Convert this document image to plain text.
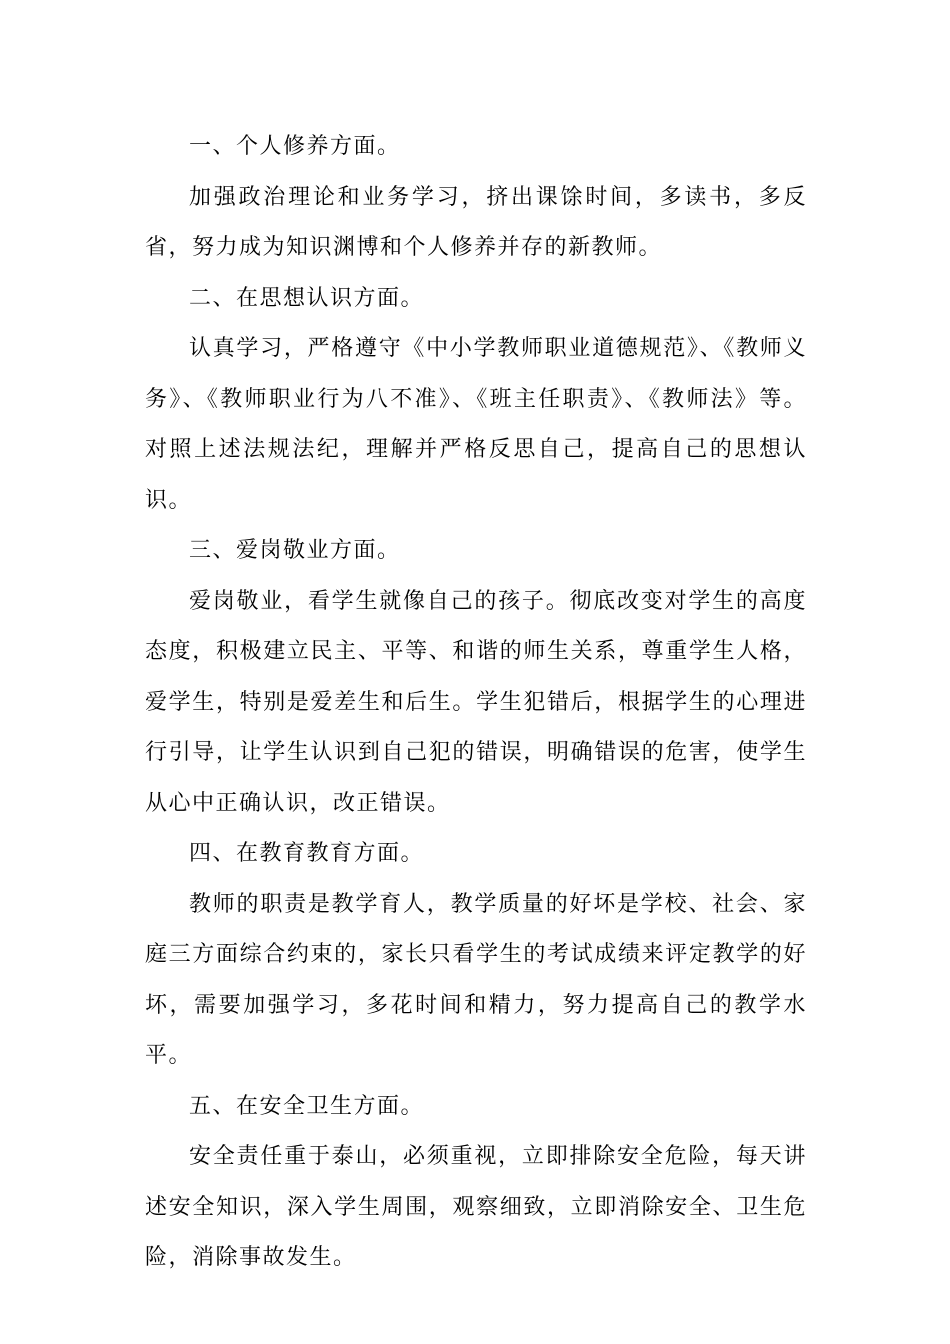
一、个人修养方面。

加强政治理论和业务学习，挤出课馀时间，多读书，多反省，努力成为知识渊博和个人修养并存的新教师。

二、在思想认识方面。

认真学习，严格遵守《中小学教师职业道德规范》、《教师义务》、《教师职业行为八不准》、《班主任职责》、《教师法》等。对照上述法规法纪，理解并严格反思自己，提高自己的思想认识。

三、爱岗敬业方面。

爱岗敬业，看学生就像自己的孩子。彻底改变对学生的高度态度，积极建立民主、平等、和谐的师生关系，尊重学生人格，爱学生，特别是爱差生和后生。学生犯错后，根据学生的心理进行引导，让学生认识到自己犯的错误，明确错误的危害，使学生从心中正确认识，改正错误。

四、在教育教育方面。

教师的职责是教学育人，教学质量的好坏是学校、社会、家庭三方面综合约束的，家长只看学生的考试成绩来评定教学的好坏，需要加强学习，多花时间和精力，努力提高自己的教学水平。

五、在安全卫生方面。

安全责任重于泰山，必须重视，立即排除安全危险，每天讲述安全知识，深入学生周围，观察细致，立即消除安全、卫生危险，消除事故发生。
